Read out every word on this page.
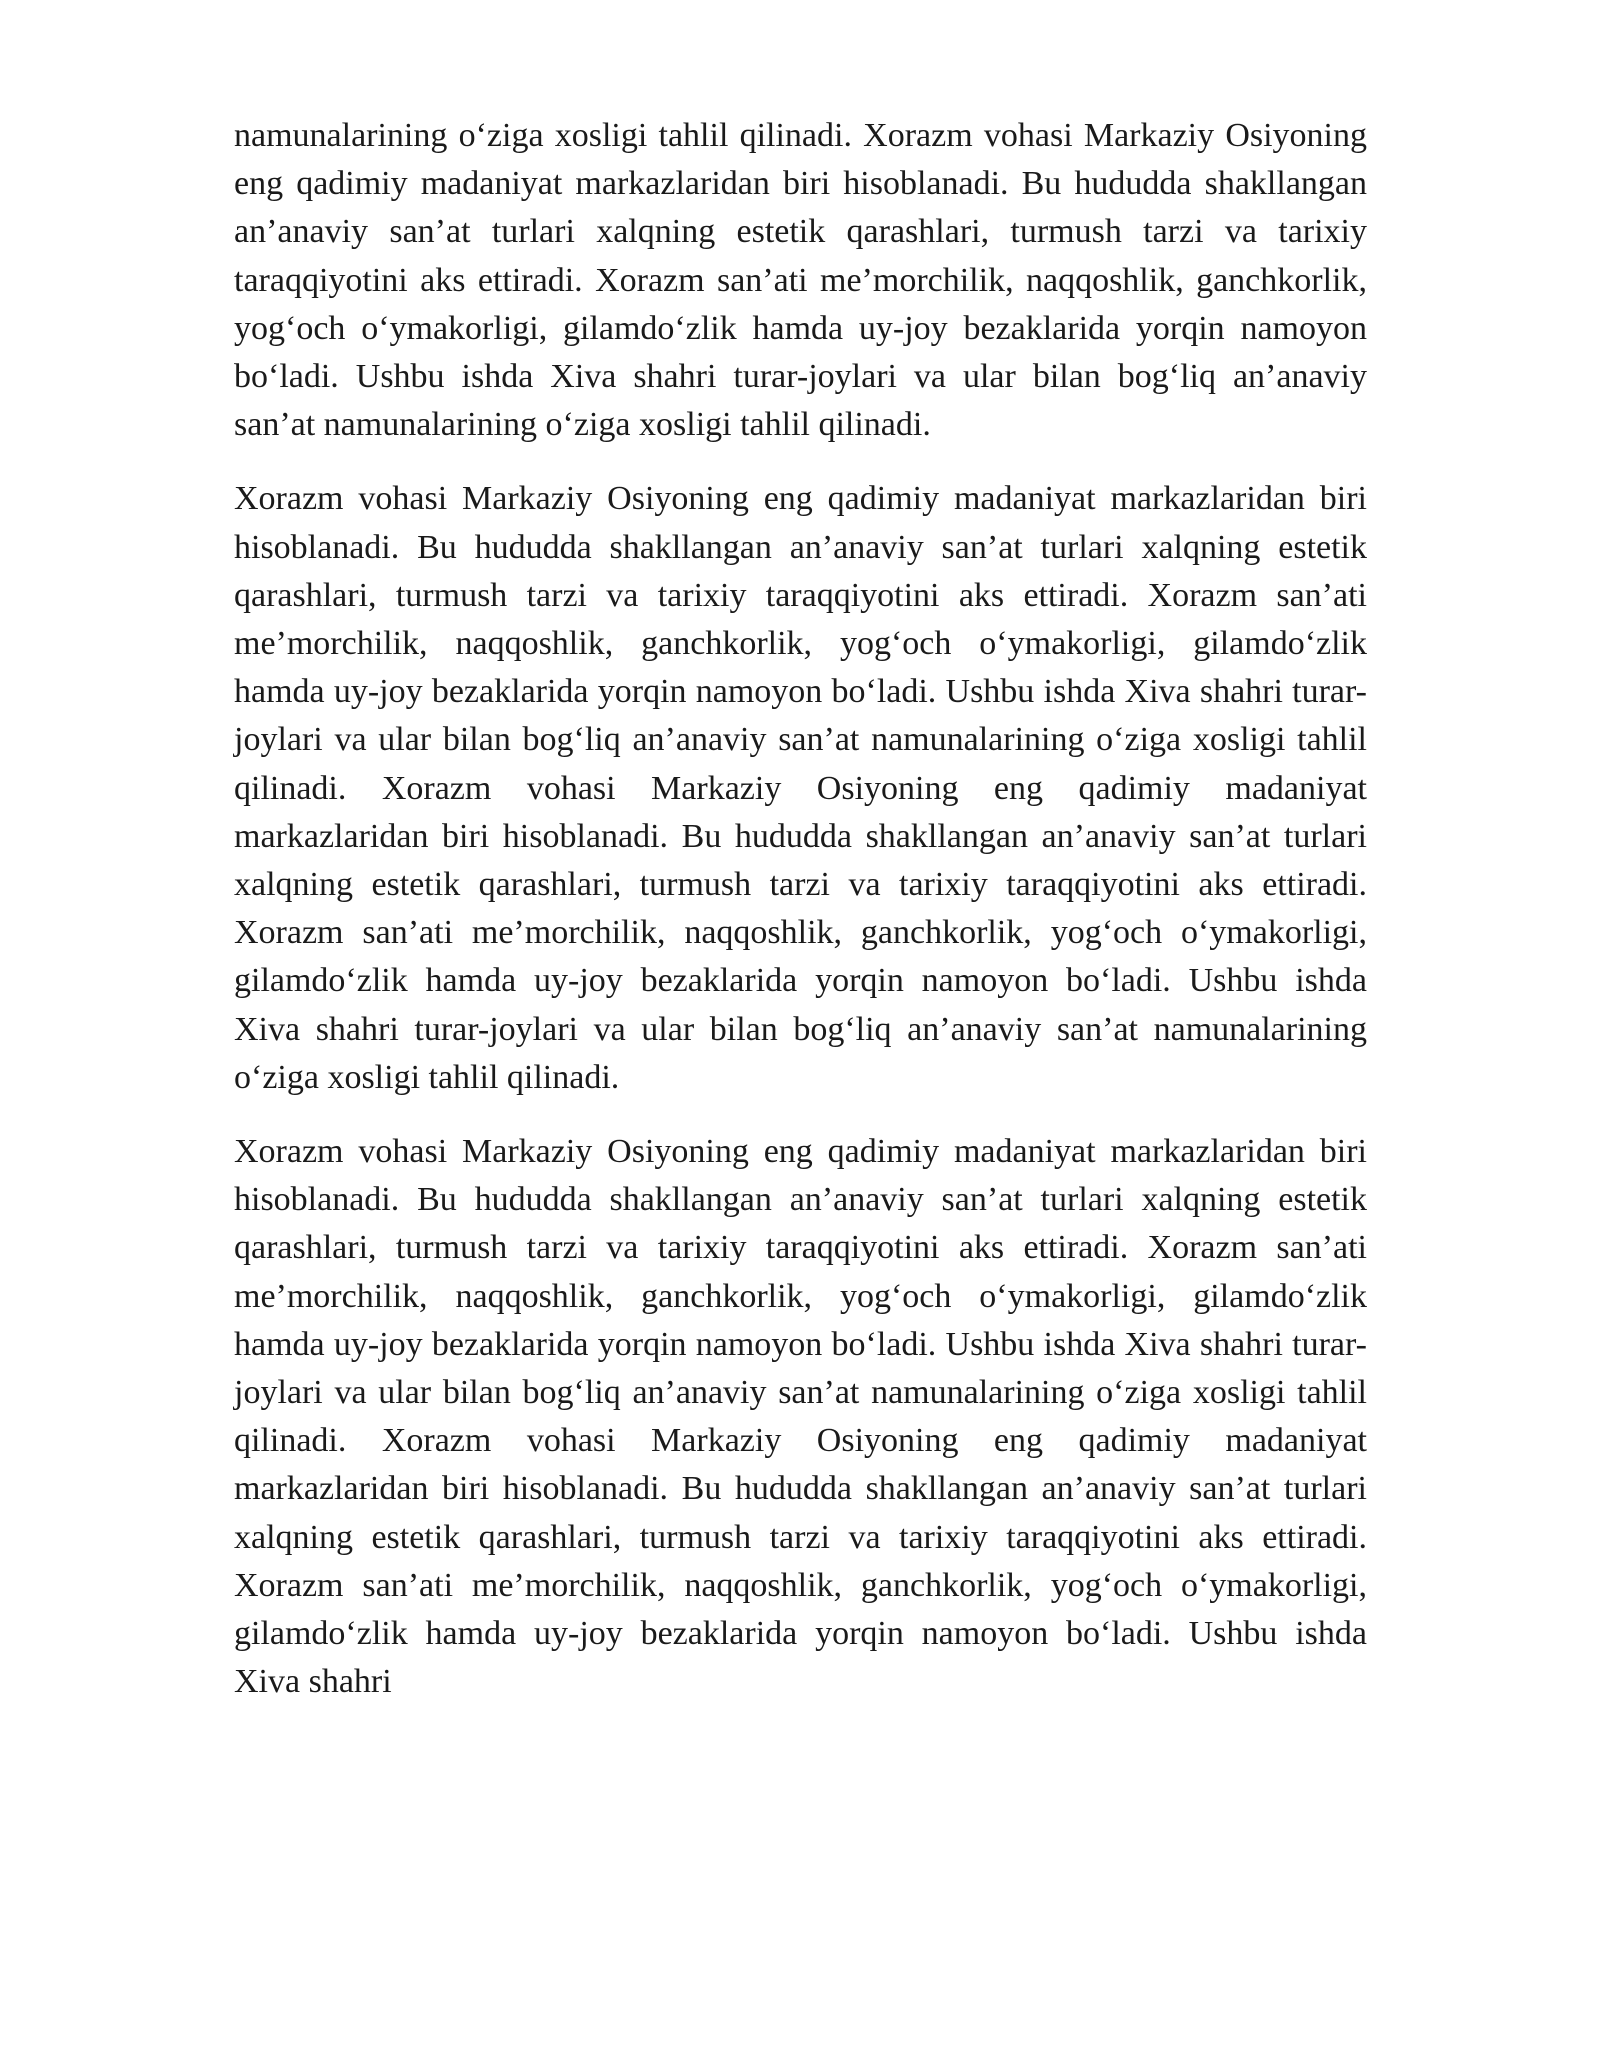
namunalarining o‘ziga xosligi tahlil qilinadi. Xorazm vohasi Markaziy Osiyoning eng qadimiy madaniyat markazlaridan biri hisoblanadi. Bu hududda shakllangan an’anaviy san’at turlari xalqning estetik qarashlari, turmush tarzi va tarixiy taraqqiyotini aks ettiradi. Xorazm san’ati me’morchilik, naqqoshlik, ganchkorlik, yog‘och o‘ymakorligi, gilamdo‘zlik hamda uy-joy bezaklarida yorqin namoyon bo‘ladi. Ushbu ishda Xiva shahri turar-joylari va ular bilan bog‘liq an’anaviy san’at namunalarining o‘ziga xosligi tahlil qilinadi.

Xorazm vohasi Markaziy Osiyoning eng qadimiy madaniyat markazlaridan biri hisoblanadi. Bu hududda shakllangan an’anaviy san’at turlari xalqning estetik qarashlari, turmush tarzi va tarixiy taraqqiyotini aks ettiradi. Xorazm san’ati me’morchilik, naqqoshlik, ganchkorlik, yog‘och o‘ymakorligi, gilamdo‘zlik hamda uy-joy bezaklarida yorqin namoyon bo‘ladi. Ushbu ishda Xiva shahri turar-joylari va ular bilan bog‘liq an’anaviy san’at namunalarining o‘ziga xosligi tahlil qilinadi. Xorazm vohasi Markaziy Osiyoning eng qadimiy madaniyat markazlaridan biri hisoblanadi. Bu hududda shakllangan an’anaviy san’at turlari xalqning estetik qarashlari, turmush tarzi va tarixiy taraqqiyotini aks ettiradi. Xorazm san’ati me’morchilik, naqqoshlik, ganchkorlik, yog‘och o‘ymakorligi, gilamdo‘zlik hamda uy-joy bezaklarida yorqin namoyon bo‘ladi. Ushbu ishda Xiva shahri turar-joylari va ular bilan bog‘liq an’anaviy san’at namunalarining o‘ziga xosligi tahlil qilinadi.

Xorazm vohasi Markaziy Osiyoning eng qadimiy madaniyat markazlaridan biri hisoblanadi. Bu hududda shakllangan an’anaviy san’at turlari xalqning estetik qarashlari, turmush tarzi va tarixiy taraqqiyotini aks ettiradi. Xorazm san’ati me’morchilik, naqqoshlik, ganchkorlik, yog‘och o‘ymakorligi, gilamdo‘zlik hamda uy-joy bezaklarida yorqin namoyon bo‘ladi. Ushbu ishda Xiva shahri turar-joylari va ular bilan bog‘liq an’anaviy san’at namunalarining o‘ziga xosligi tahlil qilinadi. Xorazm vohasi Markaziy Osiyoning eng qadimiy madaniyat markazlaridan biri hisoblanadi. Bu hududda shakllangan an’anaviy san’at turlari xalqning estetik qarashlari, turmush tarzi va tarixiy taraqqiyotini aks ettiradi. Xorazm san’ati me’morchilik, naqqoshlik, ganchkorlik, yog‘och o‘ymakorligi, gilamdo‘zlik hamda uy-joy bezaklarida yorqin namoyon bo‘ladi. Ushbu ishda Xiva shahri
